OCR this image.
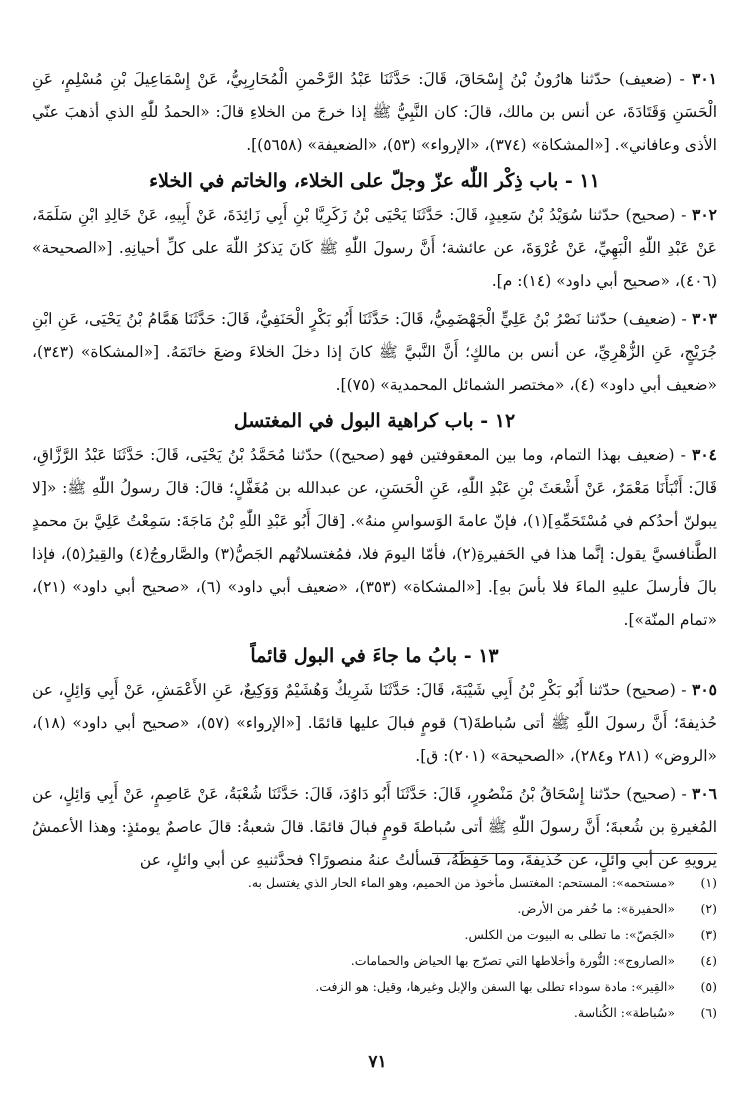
٣٠١ - (ضعيف) حدّثنا هارُونُ بْنُ إِسْحَاقَ، قَالَ: حَدَّثَنَا عَبْدُ الرَّحْمنِ الْمُحَارِبِيُّ، عَنْ إِسْمَاعِيلَ بْنِ مُسْلِمٍ، عَنِ الْحَسَنِ وَقَتَادَةَ، عن أنس بن مالك، قالَ: كان النَّبِيُّ ﷺ إذا خرجَ من الخلاءِ قالَ: «الحمدُ للّٰهِ الذي أذهبَ عنّي الأذى وعافاني». [«المشكاة» (٣٧٤)، «الإرواء» (٥٣)، «الضعيفة» (٥٦٥٨)].

١١ - باب ذِكْر اللّٰه عزّ وجلّ على الخلاء، والخاتم في الخلاء

٣٠٢ - (صحيح) حدّثنا سُوَيْدُ بْنُ سَعِيدٍ، قَالَ: حَدَّثَنَا يَحْيَى بْنُ زَكَرِيَّا بْنِ أَبِي زَائِدَةَ، عَنْ أَبِيهِ، عَنْ خَالِدِ ابْنِ سَلَمَةَ، عَنْ عَبْدِ اللّٰهِ الْبَهِيِّ، عَنْ عُرْوَةَ، عن عائشة؛ أَنَّ رسولَ اللّٰهِ ﷺ كَانَ يَذكرُ اللّٰهَ على كلِّ أحيانِهِ. [«الصحيحة» (٤٠٦)، «صحيح أبي داود» (١٤): م].

٣٠٣ - (ضعيف) حدّثنا نَصْرُ بْنُ عَلِيٍّ الْجَهْضَمِيُّ، قَالَ: حَدَّثَنَا أَبُو بَكْرٍ الْحَنَفِيُّ، قَالَ: حَدَّثَنَا هَمَّامُ بْنُ يَحْيَى، عَنِ ابْنِ جُرَيْجٍ، عَنِ الزُّهْرِيِّ، عن أنس بن مالكٍ؛ أَنَّ النَّبيَّ ﷺ كانَ إذا دخلَ الخلاءَ وضعَ خاتَمَهُ. [«المشكاة» (٣٤٣)، «ضعيف أبي داود» (٤)، «مختصر الشمائل المحمدية» (٧٥)].

١٢ - باب كراهية البول في المغتسل

٣٠٤ - (ضعيف بهذا التمام، وما بين المعقوفتين فهو (صحيح)) حدّثنا مُحَمَّدُ بْنُ يَحْيَى، قَالَ: حَدَّثَنَا عَبْدُ الرَّزَّاقِ، قَالَ: أَنْبَأَنَا مَعْمَرٌ، عَنْ أَشْعَثَ بْنِ عَبْدِ اللّٰهِ، عَنِ الْحَسَنِ، عن عبدالله بن مُغَفَّلٍ؛ قالَ: قالَ رسولُ اللّٰهِ ﷺ: «[لا يبولنّ أحدُكم في مُسْتَحَمِّهِ](١)، فإنّ عامةَ الوَسواسِ منهُ». [قالَ أَبُو عَبْدِ اللّٰهِ بْنُ مَاجَةَ: سَمِعْتُ عَلِيَّ بنَ محمدٍ الطَّنافسيَّ يقول: إنَّما هذا في الحَفيرةِ(٢)، فأمّا اليومَ فلا، فمُغتسلاتُهم الجَصُّ(٣) والصَّاروجُ(٤) والقِيرُ(٥)، فإذا بالَ فأرسلَ عليهِ الماءَ فلا بأسَ بهِ]. [«المشكاة» (٣٥٣)، «ضعيف أبي داود» (٦)، «صحيح أبي داود» (٢١)، «تمام المنّة»].

١٣ - بابُ ما جاءَ في البول قائماً

٣٠٥ - (صحيح) حدّثنا أَبُو بَكْرِ بْنُ أَبِي شَيْبَةَ، قَالَ: حَدَّثَنَا شَرِيكٌ وَهُشَيْمٌ وَوَكِيعٌ، عَنِ الأَعْمَشِ، عَنْ أَبِي وَائِلٍ، عن حُذيفةَ؛ أَنَّ رسولَ اللّٰهِ ﷺ أتى سُباطةَ(٦) قومٍ فبالَ عليها قائمًا. [«الإرواء» (٥٧)، «صحيح أبي داود» (١٨)، «الروض» (٢٨١ و٢٨٤)، «الصحيحة» (٢٠١): ق].

٣٠٦ - (صحيح) حدّثنا إِسْحَاقُ بْنُ مَنْصُورٍ، قَالَ: حَدَّثَنَا أَبُو دَاوُدَ، قَالَ: حَدَّثَنَا شُعْبَةُ، عَنْ عَاصِمٍ، عَنْ أَبِي وَائِلٍ، عن المُغيرةِ بن شُعبةَ؛ أَنَّ رسولَ اللّٰهِ ﷺ أتى سُباطةَ قومٍ فبالَ قائمًا. قالَ شعبةُ: قالَ عاصمٌ يومئذٍ: وهذا الأعمشُ يرويهِ عن أبي وائلٍ، عن حُذيفةَ، وما حَفِظَهُ، فسألتُ عنهُ منصورًا؟ فحدَّثنيهِ عن أبي وائلٍ، عن

(١)
«مستحمه»: المستحم: المغتسل مأخوذ من الحميم، وهو الماء الحار الذي يغتسل به.
(٢)
«الحفيرة»: ما حُفر من الأرض.
(٣)
«الجَصّ»: ما تطلى به البيوت من الكلس.
(٤)
«الصاروج»: النُّورة وأخلاطها التي تصرّج بها الحياض والحمامات.
(٥)
«القِير»: مادة سوداء تطلى بها السفن والإبل وغيرها، وقيل: هو الزفت.
(٦)
«سُباطة»: الكُناسة.
٧١
